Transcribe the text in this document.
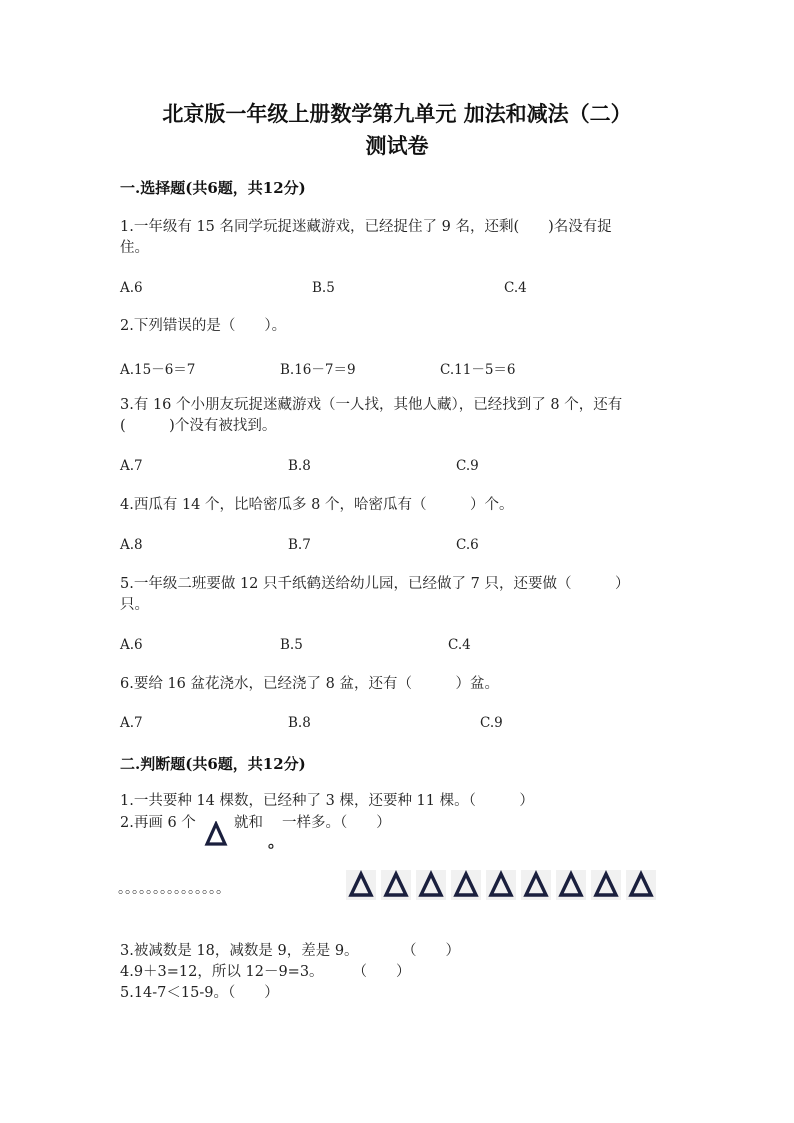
北京版一年级上册数学第九单元 加法和减法（二）
测试卷
一.选择题(共6题，共12分)
1.一年级有 15 名同学玩捉迷藏游戏，已经捉住了 9 名，还剩(　　)名没有捉
住。
A.6	B.5	C.4
2.下列错误的是（　　）。
A.15－6＝7	B.16－7＝9	C.11－5＝6
3.有 16 个小朋友玩捉迷藏游戏（一人找，其他人藏），已经找到了 8 个，还有
(　　　)个没有被找到。
A.7	B.8	C.9
4.西瓜有 14 个，比哈密瓜多 8 个，哈密瓜有（　　　）个。
A.8	B.7	C.6
5.一年级二班要做 12 只千纸鹤送给幼儿园，已经做了 7 只，还要做（　　　）
只。
A.6	B.5	C.4
6.要给 16 盆花浇水，已经浇了 8 盆，还有（　　　）盆。
A.7	B.8	C.9
二.判断题(共6题，共12分)
1.一共要种 14 棵数，已经种了 3 棵，还要种 11 棵。（　　　）
2.再画 6 个	就和
。
一样多。（　　）
。。。。。。。。。。。。。。。
3.被减数是 18，减数是 9，差是 9。　　　　（　　）
4.9＋3=12，所以 12－9=3。　　　（　　）
5.14-7＜15-9。（　　）
